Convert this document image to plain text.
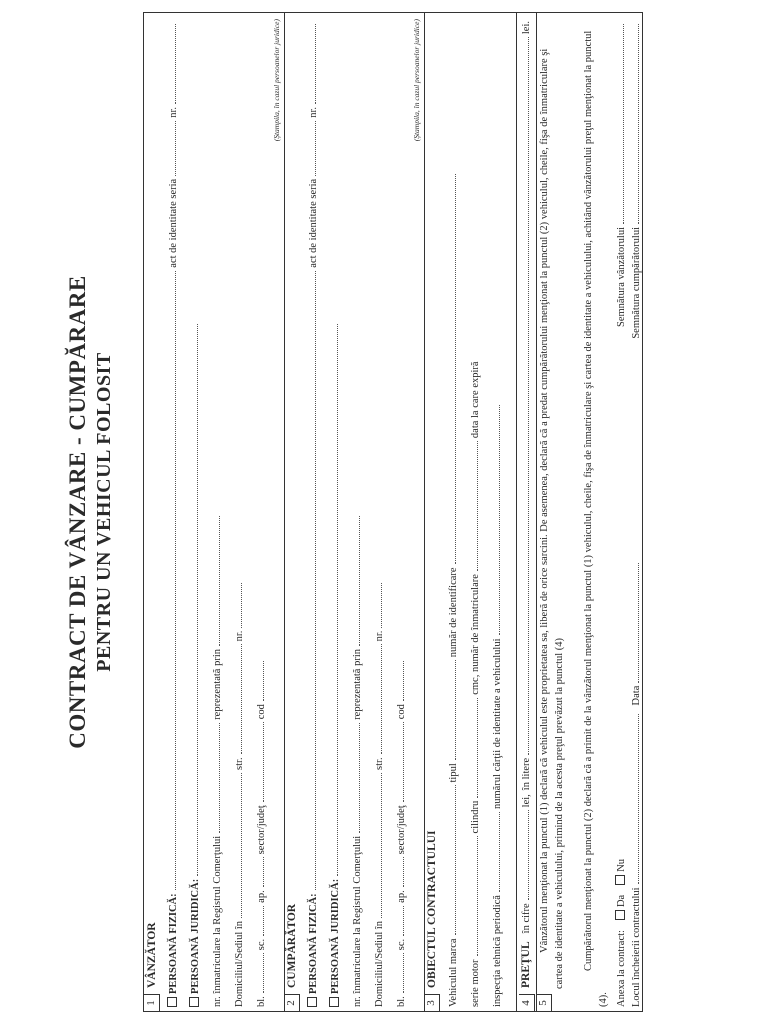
CONTRACT DE VÂNZARE - CUMPĂRARE PENTRU UN VEHICUL FOLOSIT
1
VÂNZĂTOR PERSOANĂ FIZICĂ:
act de identitate seria
nr.
PERSOANĂ JURIDICĂ: nr. înmatriculare la Registrul Comerţului
reprezentată prin
Domiciliul/Sediul în
str.
nr.
bl.
sc.
ap.
sector/judeţ
cod
(Ştampila, în cazul persoanelor juridice)
2
CUMPĂRĂTOR PERSOANĂ FIZICĂ:
act de identitate seria
nr.
PERSOANĂ JURIDICĂ: nr. înmatriculare la Registrul Comerţului
reprezentată prin
Domiciliul/Sediul în
str.
nr.
bl.
sc.
ap.
sector/judeţ
cod
(Ştampila, în cazul persoanelor juridice)
3
OBIECTUL CONTRACTULUI Vehiculul marca
tipul
număr de identificare
serie motor
cilindru
cmc, număr de înmatriculare
data la care expiră
inspecţia tehnică periodică
numărul cărţii de identitate a vehiculului
4
PREŢUL
în cifre
lei,
în litere
lei.
5
Vânzătorul menţionat la punctul (1) declară că vehiculul este proprietatea sa, liberă de orice sarcini. De asemenea, declară că a predat cumpărătorului menţionat la punctul (2) vehiculul, cheile, fişa de înmatriculare şi cartea de identitate a vehiculului, primind de la acesta preţul prevăzut la punctul (4) Cumpărătorul menţionat la punctul (2) declară că a primit de la vânzătorul menţionat la punctul (1) vehiculul, cheile, fişa de înmatriculare şi cartea de identitate a vehiculului, achitând vânzătorului preţul menţionat la punctul (4). Anexa la contract:
Da
Nu
Semnătura vânzătorului
Locul încheierii contractului
Data
Semnătura cumpărătorului
